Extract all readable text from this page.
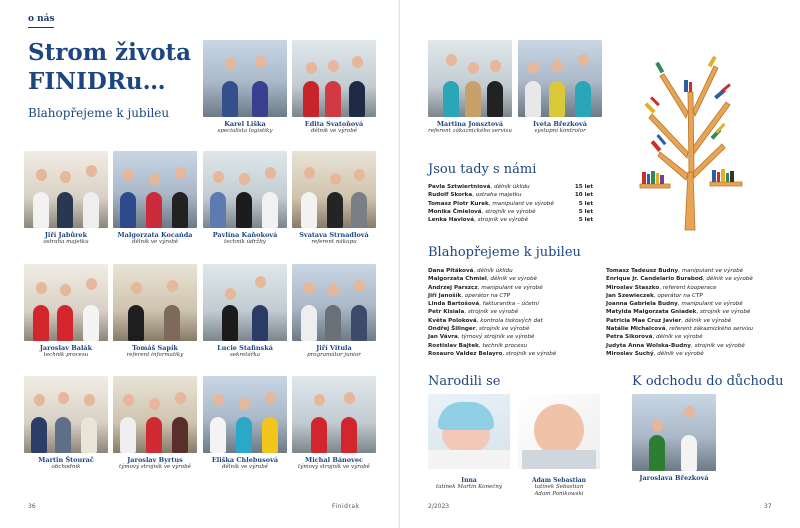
o nás
Strom života
FINIDRu…
Blahopřejeme k jubileu
Karel Liška
specialista logistiky
Edita Svatoňová
dělník ve výrobě
Jiří Jabůrek
ostraha majetku
Malgorzata Kocańda
dělník ve výrobě
Pavlína Kaňoková
technik údržby
Svatava Strnadlová
referent nákupu
Jaroslav Balák
technik procesu
Tomáš Sapík
referent informatiky
Lucie Stafinská
sekretářka
Jiří Vitula
programátor junior
Martin Štourač
obchodník
Jaroslav Byrtus
týmový strojník ve výrobě
Eliška Chlebusová
dělník ve výrobě
Michal Bánovec
týmový strojník ve výrobě
36	Finidrak
Martina Jonsztová
referent zákaznického servisu
Iveta Březková
výstupní kontrolor
Jsou tady s námi
Pavla Sztwiertniová, dělník úklidu	15 let
Rudolf Skorka, ostraha majetku	10 let
Tomasz Piotr Kurek, manipulant ve výrobě	5 let
Monika Čmielová, strojník ve výrobě	5 let
Lenka Havlová, strojník ve výrobě	5 let
Blahopřejeme k jubileu
Dana Pitáková, dělník úklidu
Malgorzata Chmiel, dělník ve výrobě
Andrzej Parszcz, manipulant ve výrobě
Jiří Janošík, operátor na CTP
Linda Bartošová, fakturantka – účetní
Petr Kisiala, strojník ve výrobě
Květa Poloková, kontrola tiskových dat
Ondřej Šilinger, strojník ve výrobě
Jan Vávra, týmový strojník ve výrobě
Rostislav Bajtek, technik procesu
Rosauro Valdez Belayro, strojník ve výrobě
Tomasz Tadeusz Budny, manipulant ve výrobě
Enrique Jr. Candelario Burabod, dělník ve výrobě
Miroslav Staszko, referent kooperace
Jan Szewieczek, operátor na CTP
Joanna Gabriela Budny, manipulant ve výrobě
Matylda Malgorzata Gniadek, strojník ve výrobě
Patricia Mae Cruz Javier, dělník ve výrobě
Natálie Michalcová, referent zákaznického servisu
Petra Sikorová, dělník ve výrobě
Judyta Anna Wolska-Budny, strojník ve výrobě
Miroslav Suchý, dělník ve výrobě
Narodili se
Inna
tatínek Martin Konečný
Adam Sebastian
tatínek Sebastian
Adam Ponikowski
K odchodu do důchodu
Jaroslava Březková
2/2023	37
